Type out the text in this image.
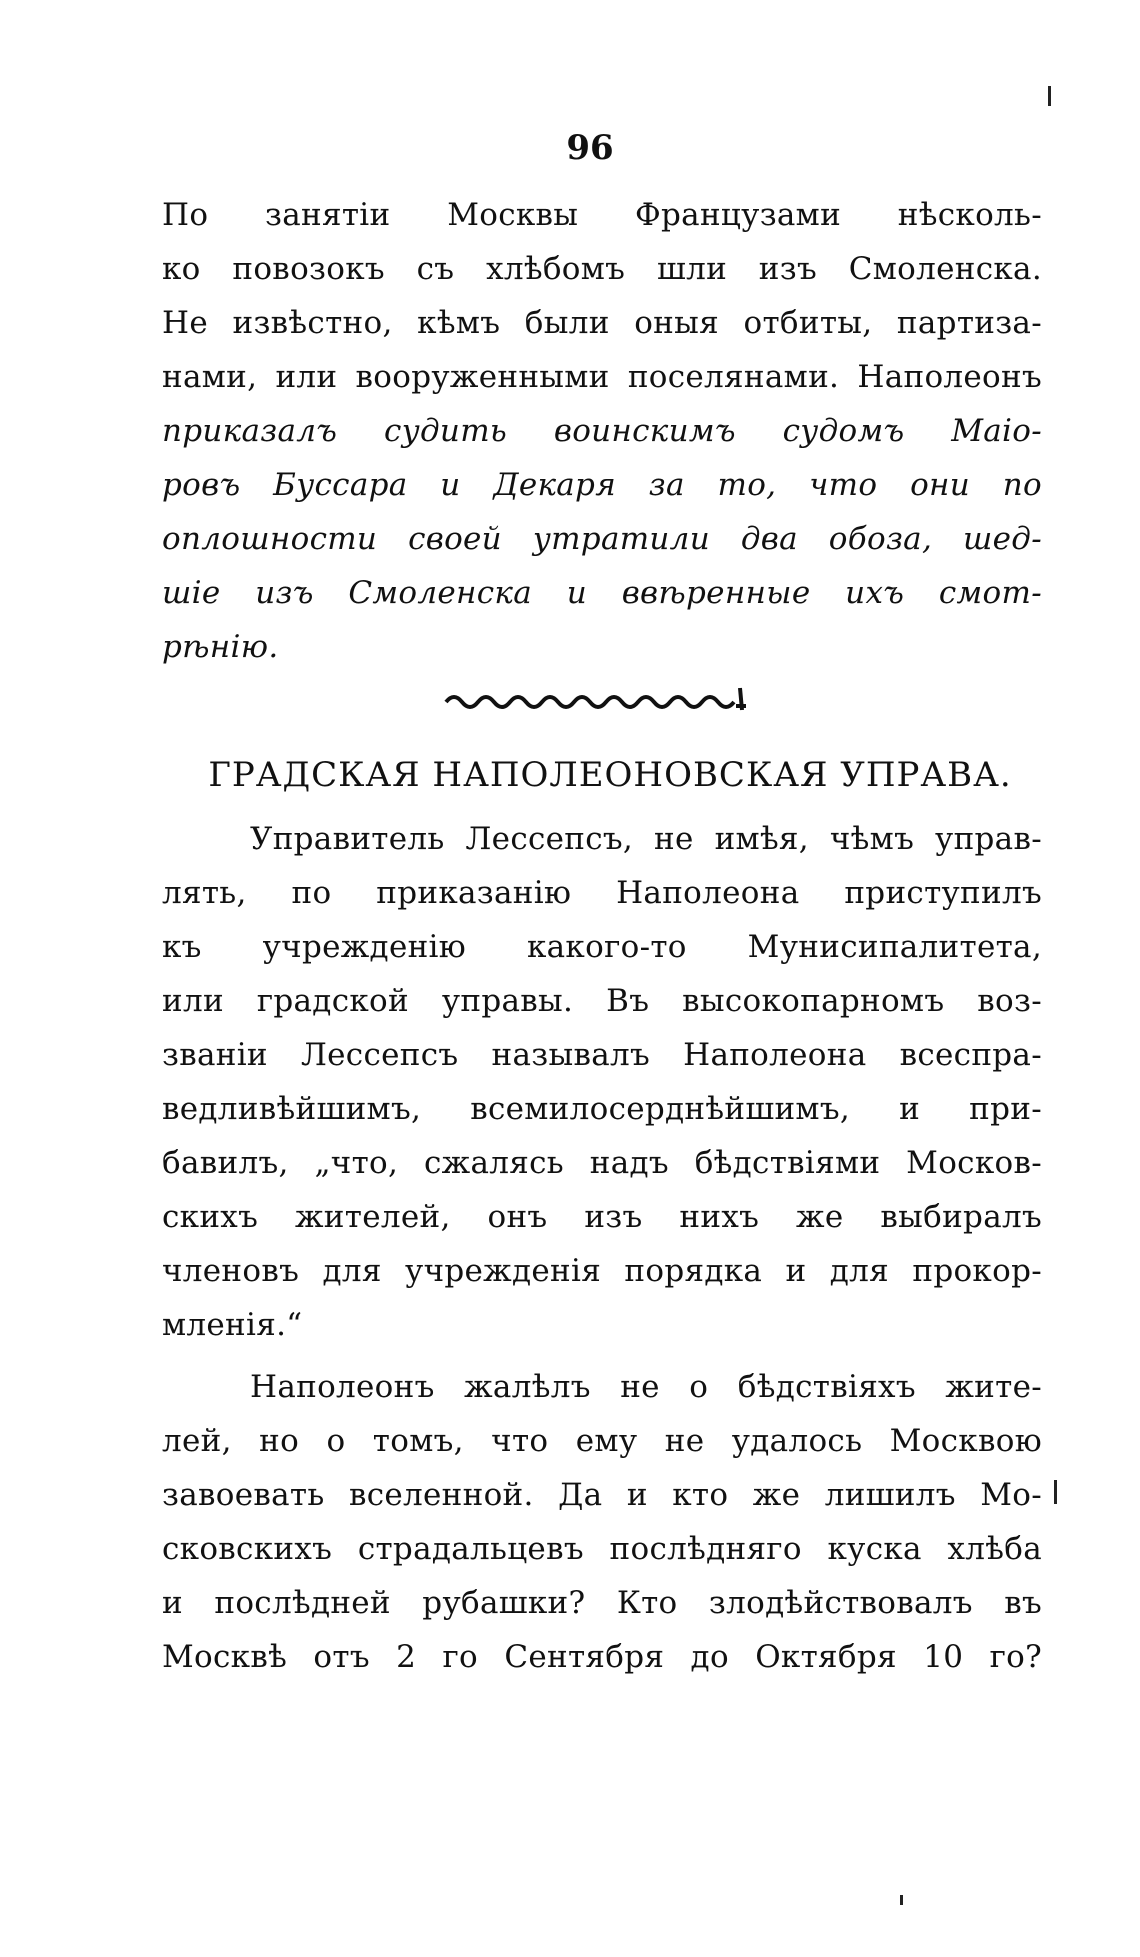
96
По занятіи Москвы Французами нѣсколь-
ко повозокъ съ хлѣбомъ шли изъ Смоленска.
Не извѣстно, кѣмъ были оныя отбиты, партиза-
нами, или вооруженными поселянами. Наполеонъ
приказалъ судить воинскимъ судомъ Маіо-
ровъ Буссара и Декаря за то, что они по
оплошности своей утратили два обоза, шед-
шіе изъ Смоленска и ввѣренные ихъ смот-
рѣнію.
ГРАДСКАЯ НАПОЛЕОНОВСКАЯ УПРАВА.
Управитель Лессепсъ, не имѣя, чѣмъ управ-
лять, по приказанію Наполеона приступилъ
къ учрежденію какого-то Мунисипалитета,
или градской управы. Въ высокопарномъ воз-
званіи Лессепсъ называлъ Наполеона всеспра-
ведливѣйшимъ, всемилосерднѣйшимъ, и при-
бавилъ, „что, сжалясь надъ бѣдствіями Москов-
скихъ жителей, онъ изъ нихъ же выбиралъ
членовъ для учрежденія порядка и для прокор-
мленія.“
Наполеонъ жалѣлъ не о бѣдствіяхъ жите-
лей, но о томъ, что ему не удалось Москвою
завоевать вселенной. Да и кто же лишилъ Мо-
сковскихъ страдальцевъ послѣдняго куска хлѣба
и послѣдней рубашки? Кто злодѣйствовалъ въ
Москвѣ отъ 2 го Сентября до Октября 10 го?
